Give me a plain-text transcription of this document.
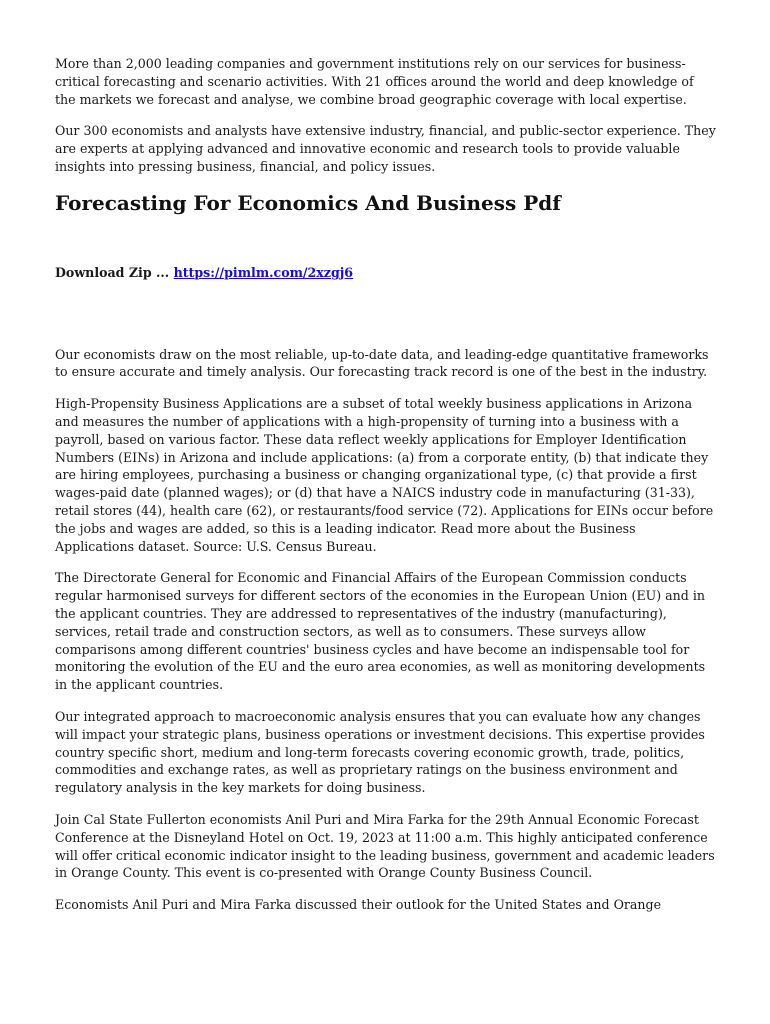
More than 2,000 leading companies and government institutions rely on our services for business-critical forecasting and scenario activities. With 21 offices around the world and deep knowledge of the markets we forecast and analyse, we combine broad geographic coverage with local expertise.

Our 300 economists and analysts have extensive industry, financial, and public-sector experience. They are experts at applying advanced and innovative economic and research tools to provide valuable insights into pressing business, financial, and policy issues.

Forecasting For Economics And Business Pdf
Download Zip ... https://pimlm.com/2xzgj6

Our economists draw on the most reliable, up-to-date data, and leading-edge quantitative frameworks to ensure accurate and timely analysis. Our forecasting track record is one of the best in the industry.

High-Propensity Business Applications are a subset of total weekly business applications in Arizona and measures the number of applications with a high-propensity of turning into a business with a payroll, based on various factor. These data reflect weekly applications for Employer Identification Numbers (EINs) in Arizona and include applications: (a) from a corporate entity, (b) that indicate they are hiring employees, purchasing a business or changing organizational type, (c) that provide a first wages-paid date (planned wages); or (d) that have a NAICS industry code in manufacturing (31-33), retail stores (44), health care (62), or restaurants/food service (72). Applications for EINs occur before the jobs and wages are added, so this is a leading indicator. Read more about the Business Applications dataset. Source: U.S. Census Bureau.

The Directorate General for Economic and Financial Affairs of the European Commission conducts regular harmonised surveys for different sectors of the economies in the European Union (EU) and in the applicant countries. They are addressed to representatives of the industry (manufacturing), services, retail trade and construction sectors, as well as to consumers. These surveys allow comparisons among different countries' business cycles and have become an indispensable tool for monitoring the evolution of the EU and the euro area economies, as well as monitoring developments in the applicant countries.

Our integrated approach to macroeconomic analysis ensures that you can evaluate how any changes will impact your strategic plans, business operations or investment decisions. This expertise provides country specific short, medium and long-term forecasts covering economic growth, trade, politics, commodities and exchange rates, as well as proprietary ratings on the business environment and regulatory analysis in the key markets for doing business.

Join Cal State Fullerton economists Anil Puri and Mira Farka for the 29th Annual Economic Forecast Conference at the Disneyland Hotel on Oct. 19, 2023 at 11:00 a.m. This highly anticipated conference will offer critical economic indicator insight to the leading business, government and academic leaders in Orange County. This event is co-presented with Orange County Business Council.

Economists Anil Puri and Mira Farka discussed their outlook for the United States and Orange
